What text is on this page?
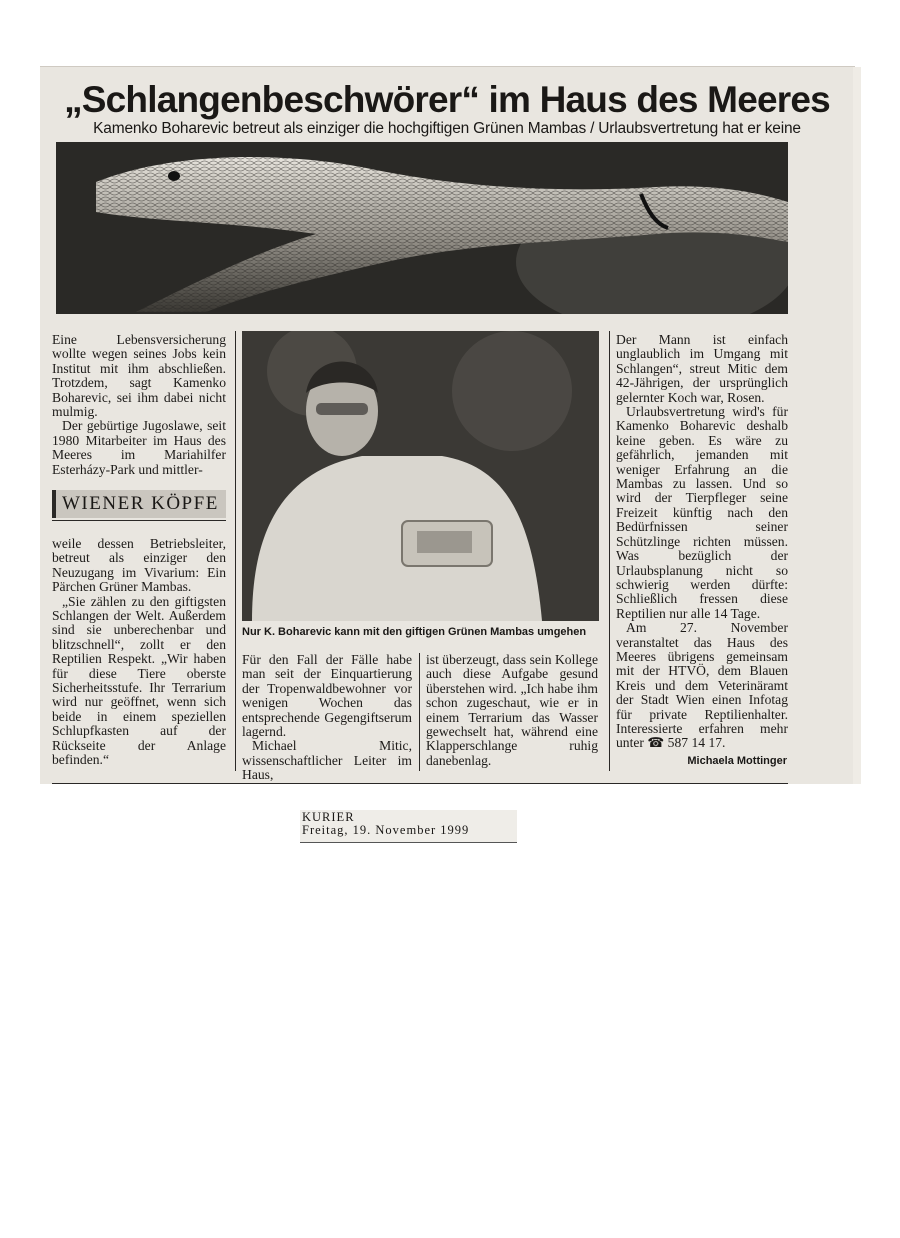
„Schlangenbeschwörer“ im Haus des Meeres
Kamenko Boharevic betreut als einziger die hochgiftigen Grünen Mambas / Urlaubsvertretung hat er keine

Eine Lebensversicherung wollte wegen seines Jobs kein Institut mit ihm abschließen. Trotzdem, sagt Kamenko Boharevic, sei ihm dabei nicht mulmig.

Der gebürtige Jugoslawe, seit 1980 Mitarbeiter im Haus des Meeres im Mariahilfer Esterházy-Park und mittler-

WIENER KÖPFE

weile dessen Betriebsleiter, betreut als einziger den Neuzugang im Vivarium: Ein Pärchen Grüner Mambas.

„Sie zählen zu den giftigsten Schlangen der Welt. Außerdem sind sie unberechenbar und blitzschnell“, zollt er den Reptilien Respekt. „Wir haben für diese Tiere oberste Sicherheitsstufe. Ihr Terrarium wird nur geöffnet, wenn sich beide in einem speziellen Schlupfkasten auf der Rückseite der Anlage befinden.“

Nur K. Boharevic kann mit den giftigen Grünen Mambas umgehen

Für den Fall der Fälle habe man seit der Einquartierung der Tropenwaldbewohner vor wenigen Wochen das entsprechende Gegengiftserum lagernd.

Michael Mitic, wissenschaftlicher Leiter im Haus,

ist überzeugt, dass sein Kollege auch diese Aufgabe gesund überstehen wird. „Ich habe ihm schon zugeschaut, wie er in einem Terrarium das Wasser gewechselt hat, während eine Klapperschlange ruhig danebenlag.

Der Mann ist einfach unglaublich im Umgang mit Schlangen“, streut Mitic dem 42-Jährigen, der ursprünglich gelernter Koch war, Rosen.

Urlaubsvertretung wird's für Kamenko Boharevic deshalb keine geben. Es wäre zu gefährlich, jemanden mit weniger Erfahrung an die Mambas zu lassen. Und so wird der Tierpfleger seine Freizeit künftig nach den Bedürfnissen seiner Schützlinge richten müssen. Was bezüglich der Urlaubsplanung nicht so schwierig werden dürfte: Schließlich fressen diese Reptilien nur alle 14 Tage.

Am 27. November veranstaltet das Haus des Meeres übrigens gemeinsam mit der HTVÖ, dem Blauen Kreis und dem Veterinäramt der Stadt Wien einen Infotag für private Reptilienhalter. Interessierte erfahren mehr unter ☎ 587 14 17.

Michaela Mottinger
KURIER
Freitag, 19. November 1999
